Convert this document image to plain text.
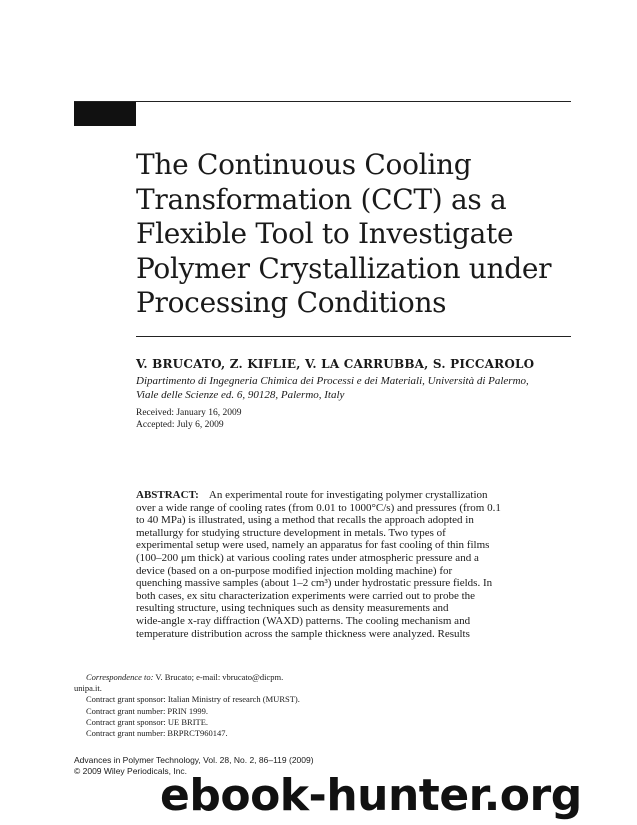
The Continuous Cooling
Transformation (CCT) as a
Flexible Tool to Investigate
Polymer Crystallization under
Processing Conditions

V. BRUCATO, Z. KIFLIE, V. LA CARRUBBA, S. PICCAROLO

Dipartimento di Ingegneria Chimica dei Processi e dei Materiali, Università di Palermo,
Viale delle Scienze ed. 6, 90128, Palermo, Italy
Received: January 16, 2009
Accepted: July 6, 2009
ABSTRACT: An experimental route for investigating polymer crystallization
over a wide range of cooling rates (from 0.01 to 1000°C/s) and pressures (from 0.1
to 40 MPa) is illustrated, using a method that recalls the approach adopted in
metallurgy for studying structure development in metals. Two types of
experimental setup were used, namely an apparatus for fast cooling of thin films
(100–200 μm thick) at various cooling rates under atmospheric pressure and a
device (based on a on-purpose modified injection molding machine) for
quenching massive samples (about 1–2 cm³) under hydrostatic pressure fields. In
both cases, ex situ characterization experiments were carried out to probe the
resulting structure, using techniques such as density measurements and
wide-angle x-ray diffraction (WAXD) patterns. The cooling mechanism and
temperature distribution across the sample thickness were analyzed. Results
Correspondence to: V. Brucato; e-mail: vbrucato@dicpm.
unipa.it.
Contract grant sponsor: Italian Ministry of research (MURST).
Contract grant number: PRIN 1999.
Contract grant sponsor: UE BRITE.
Contract grant number: BRPRCT960147.
Advances in Polymer Technology, Vol. 28, No. 2, 86–119 (2009)
© 2009 Wiley Periodicals, Inc.
ebook-hunter.org
